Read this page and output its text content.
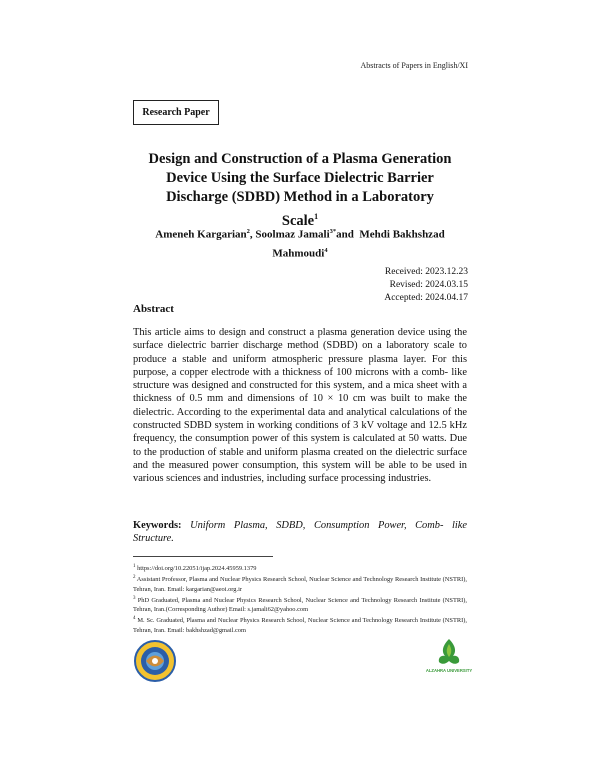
Abstracts of Papers in English/XI
Research Paper
Design and Construction of a Plasma Generation
Device Using the Surface Dielectric Barrier
Discharge (SDBD) Method in a Laboratory
Scale$^1$
Ameneh Kargarian$^2$, Soolmaz Jamali$^{3*}$and  Mehdi Bakhshzad
Mahmoudi$^4$
Received: 2023.12.23
Revised: 2024.03.15
Accepted: 2024.04.17
Abstract
This article aims to design and construct a plasma generation device using the surface dielectric barrier discharge method (SDBD) on a laboratory scale to produce a stable and uniform atmospheric pressure plasma layer. For this purpose, a copper electrode with a thickness of 100 microns with a comb- like structure was designed and constructed for this system, and a mica sheet with a thickness of 0.5 mm and dimensions of 10 × 10 cm was built to make the dielectric. According to the experimental data and analytical calculations of the constructed SDBD system in working conditions of 3 kV voltage and 12.5 kHz frequency, the consumption power of this system is calculated at 50 watts. Due to the production of stable and uniform plasma created on the dielectric surface and the measured power consumption, this system will be able to be used in various sciences and industries, including surface processing industries.
Keywords: Uniform Plasma, SDBD, Consumption Power, Comb- like Structure.
$^1$ https://doi.org/10.22051/ijap.2024.45959.1379
$^2$ Assistant Professor, Plasma and Nuclear Physics Research School, Nuclear Science and Technology Research Institute (NSTRI), Tehran, Iran. Email: kargarian@aeoi.org.ir
$^3$ PhD Graduated, Plasma and Nuclear Physics Research School, Nuclear Science and Technology Research Institute (NSTRI), Tehran, Iran.(Corresponding Author) Email: s.jamali62@yahoo.com
$^4$ M. Sc. Graduated, Plasma and Nuclear Physics Research School, Nuclear Science and Technology Research Institute (NSTRI), Tehran, Iran. Email: bakhshzad@gmail.com
ALZAHRA UNIVERSITY
